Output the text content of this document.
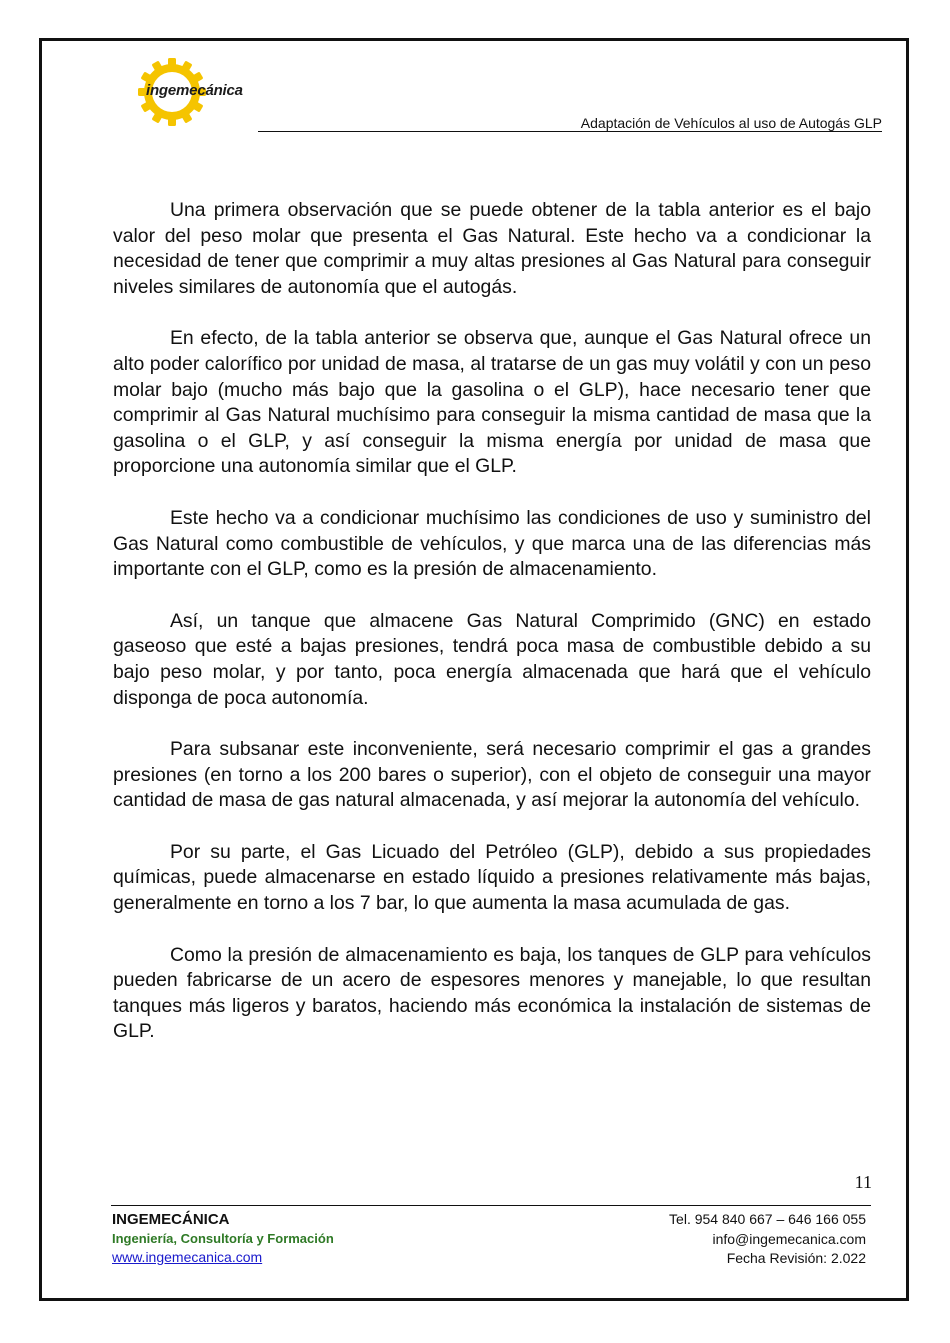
ingemecánica
Adaptación de Vehículos al uso de Autogás GLP

Una primera observación que se puede obtener de la tabla anterior es el bajo valor del peso molar que presenta el Gas Natural. Este hecho va a condicionar la necesidad de tener que comprimir a muy altas presiones al Gas Natural para conseguir niveles similares de autonomía que el autogás.

En efecto, de la tabla anterior se observa que, aunque el Gas Natural ofrece un alto poder calorífico por unidad de masa, al tratarse de un gas muy volátil y con un peso molar bajo (mucho más bajo que la gasolina o el GLP), hace necesario tener que comprimir al Gas Natural muchísimo para conseguir la misma cantidad de masa que la gasolina o el GLP, y así conseguir la misma energía por unidad de masa que proporcione una autonomía similar que el GLP.

Este hecho va a condicionar muchísimo las condiciones de uso y suministro del Gas Natural como combustible de vehículos, y que marca una de las diferencias más importante con el GLP, como es la presión de almacenamiento.

Así, un tanque que almacene Gas Natural Comprimido (GNC) en estado gaseoso que esté a bajas presiones, tendrá poca masa de combustible debido a su bajo peso molar, y por tanto, poca energía almacenada que hará que el vehículo disponga de poca autonomía.

Para subsanar este inconveniente, será necesario comprimir el gas a grandes presiones (en torno a los 200 bares o superior), con el objeto de conseguir una mayor cantidad de masa de gas natural almacenada, y así mejorar la autonomía del vehículo.

Por su parte, el Gas Licuado del Petróleo (GLP), debido a sus propiedades químicas, puede almacenarse en estado líquido a presiones relativamente más bajas, generalmente en torno a los 7 bar, lo que aumenta la masa acumulada de gas.

Como la presión de almacenamiento es baja, los tanques de GLP para vehículos pueden fabricarse de un acero de espesores menores y manejable, lo que resultan tanques más ligeros y baratos, haciendo más económica la instalación de sistemas de GLP.

11
INGEMECÁNICA
Ingeniería, Consultoría y Formación
www.ingemecanica.com
Tel. 954 840 667 – 646 166 055
info@ingemecanica.com
Fecha Revisión: 2.022
